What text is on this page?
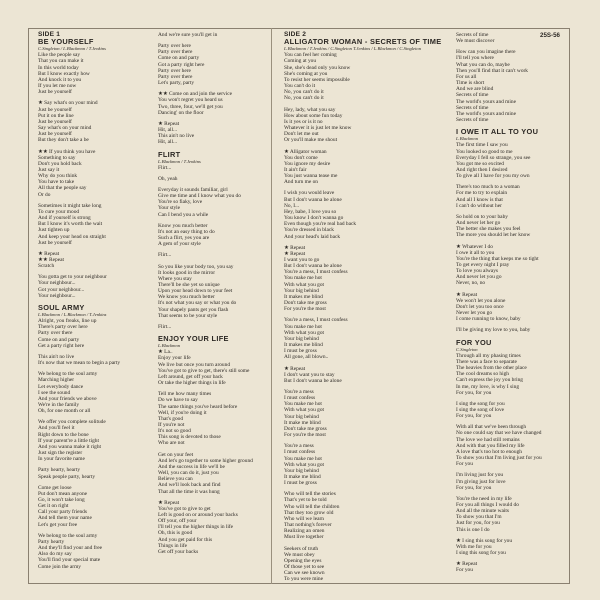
SIDE 1

BE YOURSELF

C.Singleton / L.Blackmon / T.Jenkins

Like the people say

That you can make it

In this world today

But I know exactly how

And knock it to you

If you let me now

Just be yourself

★ Say what's on your mind

Just be yourself

Put it on the line

Just be yourself

Say what's on your mind

Just be yourself

But they don't take a be

★★ If you think you have

Something to say

Don't you hold back

Just say it

Why do you think

You have to take

All that the people say

Or do

Sometimes it might take long

To cure your mood

And if yourself is strong

But I know it's worth the wait

Just tighten up

And keep your head on straight

Just be yourself

★ Repeat

★★ Repeat

Scratch

You gotta get to your neighbour

Your neighbour...

Got your neighbour...

Your neighbour...

SOUL ARMY

L.Blackmon / L.Blackmon / T.Jenkins

Alright, you freaks, line up

There's party over here

Party over there

Come on and party

Get a party right here

This ain't no live

It's now that we mean to begin a party

We belong to the soul army

Marching higher

Let everybody dance

I see the sound

And your friends we above

We're in the family

Oh, for one month or all

We offer you complete solitude

And you'll feel it

Right down to the bone

If your parent're a little tight

And you wanna make it right

Just sign the register

In your favorite name

Party hearty, hearty

Speak people party, hearty

Come get loose

Put don't mean anyone

Go, it won't take long

Get it on right

Call your party friends

And tell them your name

Let's get your free

We belong to the soul army

Party hearty

And they'll find your and free

Also do my say

You'll find your special mate

Come join the army

And we're sure you'll get in

Party over here

Party over there

Come on and party

Got a party right here

Party over here

Party over there

Let's party, party

★★ Come on and join the service

You won't regret you heard us

Two, three, four, we'll get you

Dancing' on the floor

★ Repeat

Hit, all...

This ain't no live

Hit, all...

FLIRT

L.Blackmon / T.Jenkins

Flirt...

Oh, yeah

Everyday it sounds familiar, girl

Give me time and I know what you do

You're so fiaky, love

Your style

Can I bend you a while

Know you much better

It's not an easy thing to do

Such a flirt, yes you are

A gem of your style

Flirt...

So you like your body too, you say

It looks good in the mirror

Where you stay

There'll be she yet so unique

Upon your head down to your feet

We know you much better

It's not what you say or what you do

Your shapely pants get you flash

That seems to be your style

Flirt...

ENJOY YOUR LIFE

L.Blackmon

★ La..

Enjoy your life

We live but once you turn around

You've got to give to get, there's still some

Left around, get off your back

Or take the higher things in life

Tell me how many times

Do we have to say

The same things you've heard before

Well, if you're doing it

That's good

If you're not

It's not so good

This song is devoted to those

Who are not

Get on your feet

And let's go together to some higher ground

And the success in life we'll be

Well, you can do it, just you

Believe you can

And we'll look back and find

That all the time it was hung

★ Repeat

You've got to give to get

Left is good on or around your backs

Off your, off your

I'll tell you the higher things in life

Oh, this is good

And you get paid for this

Things in life

Get off your backs

SIDE 2

ALLIGATOR WOMAN - SECRETS OF TIME

L.Blackmon / T.Jenkins / C.Singleton T.Jenkins / L.Blackmon / C.Singleton

You can feel her coming

Coming at you

She, she's dead only you know

She's coming at you

To resist her seems impossible

You can't do it

No, you can't do it

No, you can't do it

Hey, lady, what you say

How about some fun today

Is it yes or is it no

Whatever it is just let me know

Don't let me out

Or you'll make me shout

★ Alligator woman

You don't come

You ignore my desire

It ain't fair

You just wanna tease me

And turn me on

I wish you would leave

But I don't wanna be alone

No, I...

Hey, babe, I love you so

You know I don't wanna go

Even though you're real bad back

You're dressed in black

And your head's laid back

★ Repeat

★ Repeat

I want you to go

But I don't wanna be alone

You're a mess, I must confess

You make me hot

With what you got

Your big behind

It makes me blind

Don't take me gross

For you're the most

You're a mess, I must confess

You make me hot

With what you got

Your big behind

It makes me blind

I must be gross

All gone, all blown..

★ Repeat

I don't want you to stay

But I don't wanna be alone

You're a mess

I must confess

You make me hot

With what you got

Your big behind

It make me blind

Don't take me gross

For you're the most

You're a mess

I must confess

You make me hot

With what you got

Your big behind

It make me blind

I must be gross

Who will tell the stories

That's yet to be told

Who will tell the children

That they too grow old

Who will we learn

That nothing's forever

Realizing an omen

Must live together

Seekers of truth

We must obey

Opening the eyes

Of those yet to see

Can we see known

To you were mine

Secrets of time

We must discover

How can you imagine there

I'll tell you where

What you can do, maybe

Then you'll find that it can't work

For us all

Time is short

And we are blind

Secrets of time

The world's yours and mine

Secrets of time

The world's yours and mine

Secrets of time

I OWE IT ALL TO YOU

L.Blackmon

The first time I saw you

You looked so good to me

Everyday I fell so strange, you see

You got me so excited

And right then I desired

To give all I have for you my own

There's too much to a woman

For me to try to explain

And all I know is that

I can't do without her

So hold on to your baby

And never let her go

The better she makes you feel

The more you should let her know

★ Whatever I do

I owe it all to you

You're the thing that keeps me so tight

To get every night I pray

To love you always

And never let you go

Never, no, no

★ Repeat

We won't let you alone

Don't let you too once

Never let you go

I come running to know, baby

I'll be giving my love to you, baby

FOR YOU

C.Singleton

Through all my phasing times

There was a face to separate

The heavies from the other place

The cool dreams so high

Can't express the joy you bring

In me, my love, is why I sing

For you, for you

I sing the song for you

I sing the song of love

For you, for you

With all that we've been through

No one could say that we have changed

The love we had still remains

And with that you filled my life

A love that's too hot to enough

To show you that I'm living just for you

For you

I'm living just for you

I'm giving just for love

For you, for you

You're the need in my life

For you all things I would do

And all the minute waits

To show you that I'm

Just for you, for you

This is one I do

★ I sing this song for you

With me for you

I sing this song for you

★ Repeat

For you

25S-56
